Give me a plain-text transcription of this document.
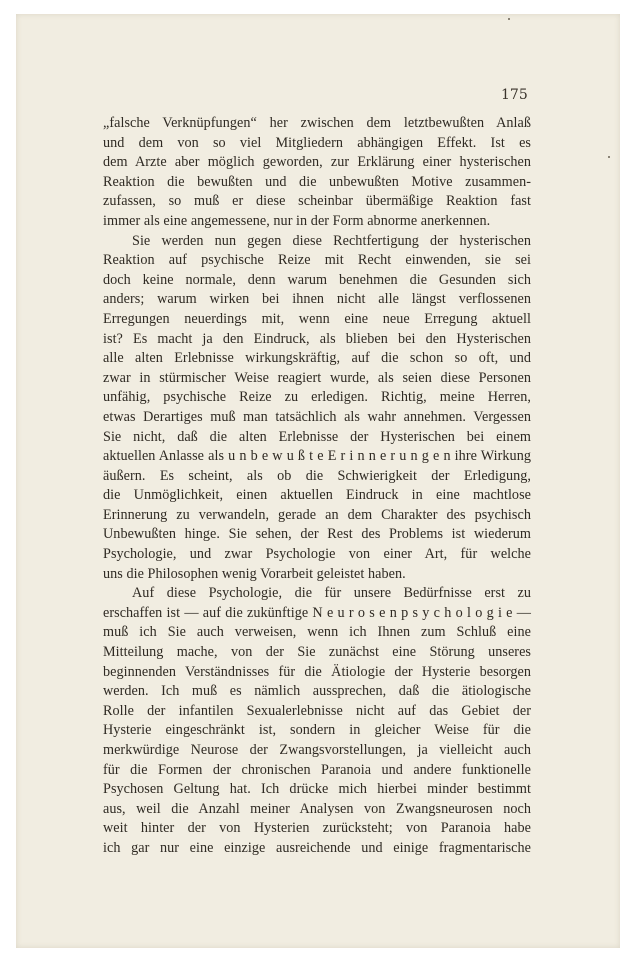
175
„falsche Verknüpfungen“ her zwischen dem letztbewußten Anlaß
und dem von so viel Mitgliedern abhängigen Effekt. Ist es
dem Arzte aber möglich geworden, zur Erklärung einer hysterischen
Reaktion die bewußten und die unbewußten Motive zusammen-
zufassen, so muß er diese scheinbar übermäßige Reaktion fast
immer als eine angemessene, nur in der Form abnorme anerkennen.
Sie werden nun gegen diese Rechtfertigung der hysterischen
Reaktion auf psychische Reize mit Recht einwenden, sie sei
doch keine normale, denn warum benehmen die Gesunden sich
anders; warum wirken bei ihnen nicht alle längst verflossenen
Erregungen neuerdings mit, wenn eine neue Erregung aktuell
ist? Es macht ja den Eindruck, als blieben bei den Hysterischen
alle alten Erlebnisse wirkungskräftig, auf die schon so oft, und
zwar in stürmischer Weise reagiert wurde, als seien diese Personen
unfähig, psychische Reize zu erledigen. Richtig, meine Herren,
etwas Derartiges muß man tatsächlich als wahr annehmen. Vergessen
Sie nicht, daß die alten Erlebnisse der Hysterischen bei einem
aktuellen Anlasse als u n b e w u ß t e E r i n n e r u n g e n ihre Wirkung
äußern. Es scheint, als ob die Schwierigkeit der Erledigung,
die Unmöglichkeit, einen aktuellen Eindruck in eine machtlose
Erinnerung zu verwandeln, gerade an dem Charakter des psychisch
Unbewußten hinge. Sie sehen, der Rest des Problems ist wiederum
Psychologie, und zwar Psychologie von einer Art, für welche
uns die Philosophen wenig Vorarbeit geleistet haben.
Auf diese Psychologie, die für unsere Bedürfnisse erst zu
erschaffen ist — auf die zukünftige N e u r o s e n p s y c h o l o g i e —
muß ich Sie auch verweisen, wenn ich Ihnen zum Schluß eine
Mitteilung mache, von der Sie zunächst eine Störung unseres
beginnenden Verständnisses für die Ätiologie der Hysterie besorgen
werden. Ich muß es nämlich aussprechen, daß die ätiologische
Rolle der infantilen Sexualerlebnisse nicht auf das Gebiet der
Hysterie eingeschränkt ist, sondern in gleicher Weise für die
merkwürdige Neurose der Zwangsvorstellungen, ja vielleicht auch
für die Formen der chronischen Paranoia und andere funktionelle
Psychosen Geltung hat. Ich drücke mich hierbei minder bestimmt
aus, weil die Anzahl meiner Analysen von Zwangsneurosen noch
weit hinter der von Hysterien zurücksteht; von Paranoia habe
ich gar nur eine einzige ausreichende und einige fragmentarische
